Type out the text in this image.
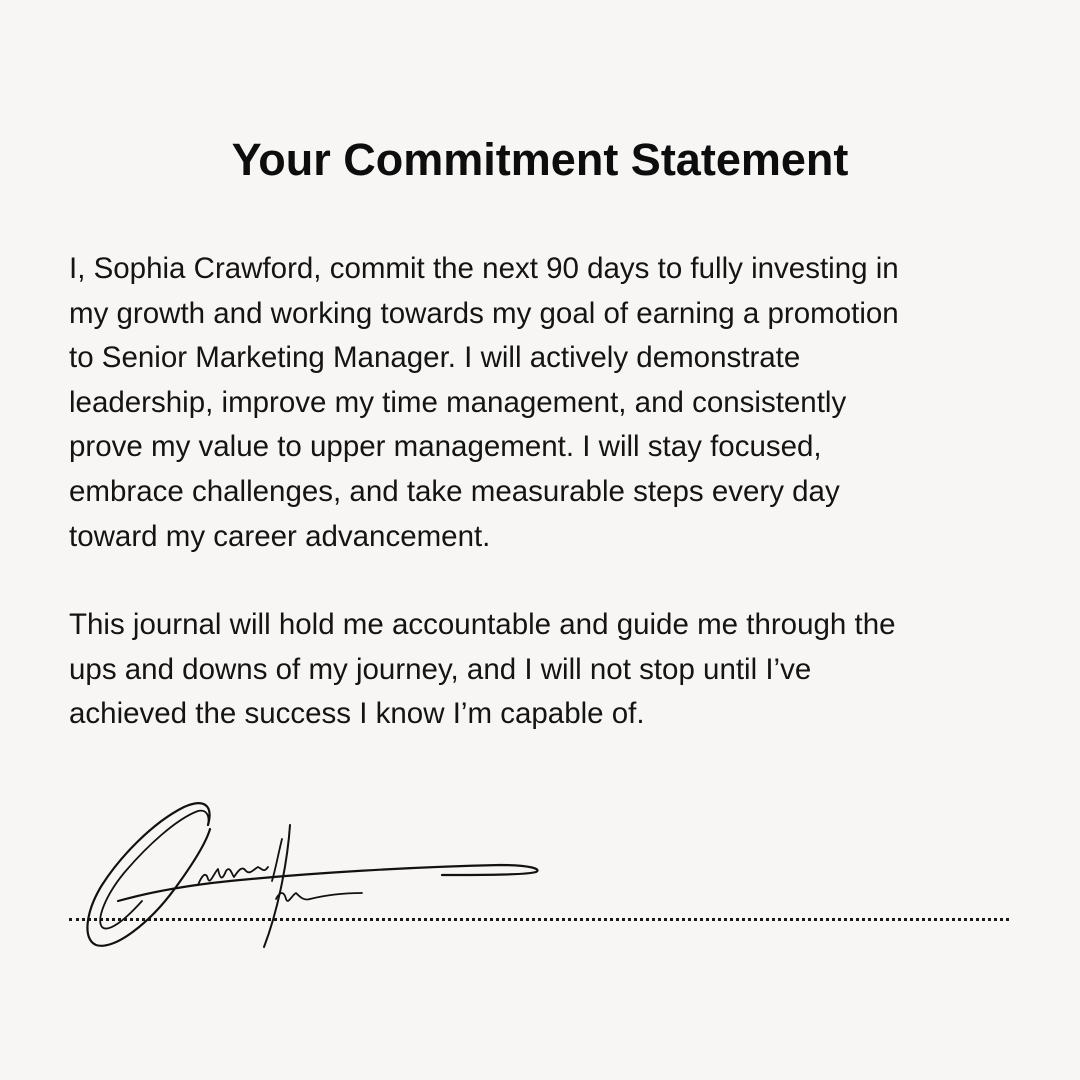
Your Commitment Statement

I, Sophia Crawford, commit the next 90 days to fully investing in
my growth and working towards my goal of earning a promotion
to Senior Marketing Manager. I will actively demonstrate
leadership, improve my time management, and consistently
prove my value to upper management. I will stay focused,
embrace challenges, and take measurable steps every day
toward my career advancement.

This journal will hold me accountable and guide me through the
ups and downs of my journey, and I will not stop until I’ve
achieved the success I know I’m capable of.
